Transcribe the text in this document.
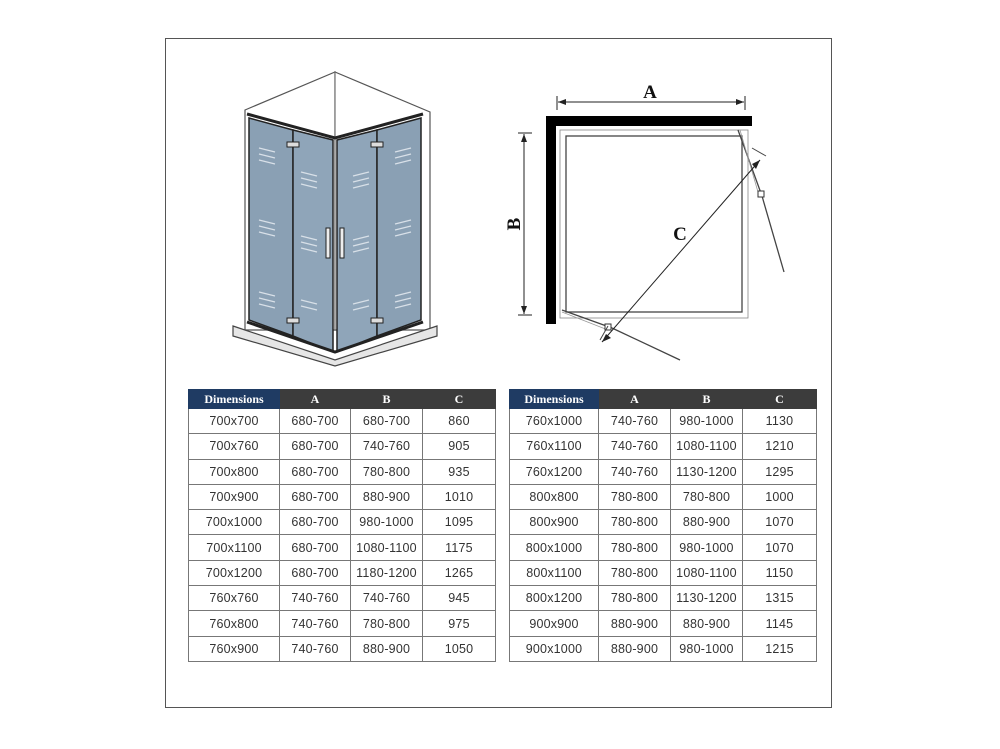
A
B	C
Dimensions	A	B	C
700x700	680-700	680-700	860
700x760	680-700	740-760	905
700x800	680-700	780-800	935
700x900	680-700	880-900	1010
700x1000	680-700	980-1000	1095
700x1100	680-700	1080-1100	1175
700x1200	680-700	1180-1200	1265
760x760	740-760	740-760	945
760x800	740-760	780-800	975
760x900	740-760	880-900	1050
Dimensions	A	B	C
760x1000	740-760	980-1000	1130
760x1100	740-760	1080-1100	1210
760x1200	740-760	1130-1200	1295
800x800	780-800	780-800	1000
800x900	780-800	880-900	1070
800x1000	780-800	980-1000	1070
800x1100	780-800	1080-1100	1150
800x1200	780-800	1130-1200	1315
900x900	880-900	880-900	1145
900x1000	880-900	980-1000	1215
